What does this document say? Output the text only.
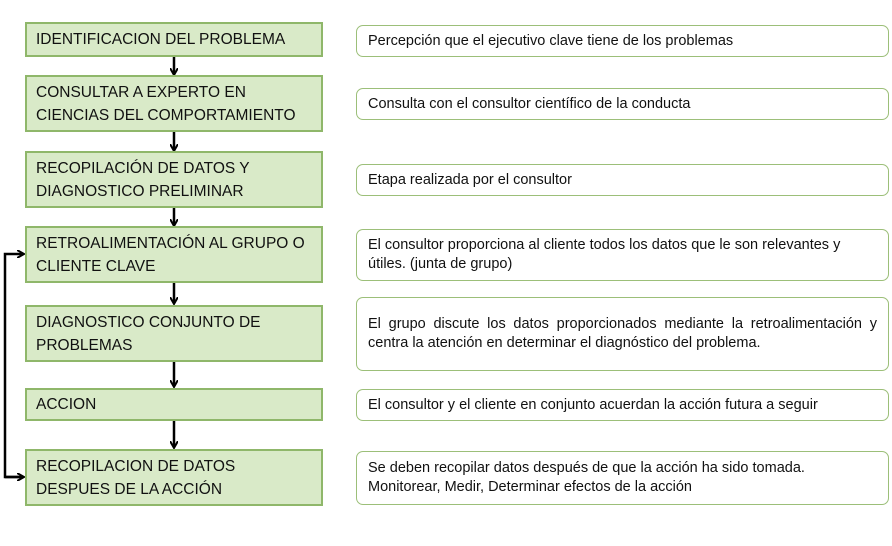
IDENTIFICACION DEL PROBLEMA
CONSULTAR A EXPERTO EN CIENCIAS DEL COMPORTAMIENTO
RECOPILACIÓN DE DATOS Y DIAGNOSTICO PRELIMINAR
RETROALIMENTACIÓN AL GRUPO O CLIENTE CLAVE
DIAGNOSTICO CONJUNTO DE PROBLEMAS
ACCION
RECOPILACION DE DATOS DESPUES DE LA ACCIÓN
Percepción que el ejecutivo clave tiene de los problemas
Consulta con el consultor científico de la conducta
Etapa realizada por el consultor
El consultor proporciona al cliente todos los datos que le son relevantes y útiles. (junta de grupo)
El grupo discute los datos proporcionados mediante la retroalimentación y centra la atención en determinar el diagnóstico del problema.
El consultor y el cliente en conjunto acuerdan la acción futura a seguir
Se deben recopilar datos después de que la acción ha sido tomada. Monitorear, Medir, Determinar efectos de la acción
